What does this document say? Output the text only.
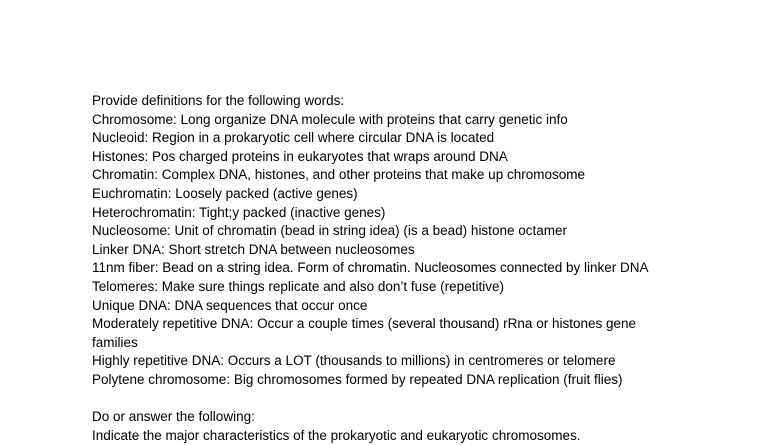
Provide definitions for the following words:
Chromosome: Long organize DNA molecule with proteins that carry genetic info
Nucleoid: Region in a prokaryotic cell where circular DNA is located
Histones: Pos charged proteins in eukaryotes that wraps around DNA
Chromatin: Complex DNA, histones, and other proteins that make up chromosome
Euchromatin: Loosely packed (active genes)
Heterochromatin: Tight;y packed (inactive genes)
Nucleosome: Unit of chromatin (bead in string idea) (is a bead) histone octamer
Linker DNA: Short stretch DNA between nucleosomes
11nm fiber: Bead on a string idea. Form of chromatin. Nucleosomes connected by linker DNA
Telomeres: Make sure things replicate and also don’t fuse (repetitive)
Unique DNA: DNA sequences that occur once
Moderately repetitive DNA: Occur a couple times (several thousand) rRna or histones gene
families
Highly repetitive DNA: Occurs a LOT (thousands to millions) in centromeres or telomere
Polytene chromosome: Big chromosomes formed by repeated DNA replication (fruit flies)
Do or answer the following:
Indicate the major characteristics of the prokaryotic and eukaryotic chromosomes.
